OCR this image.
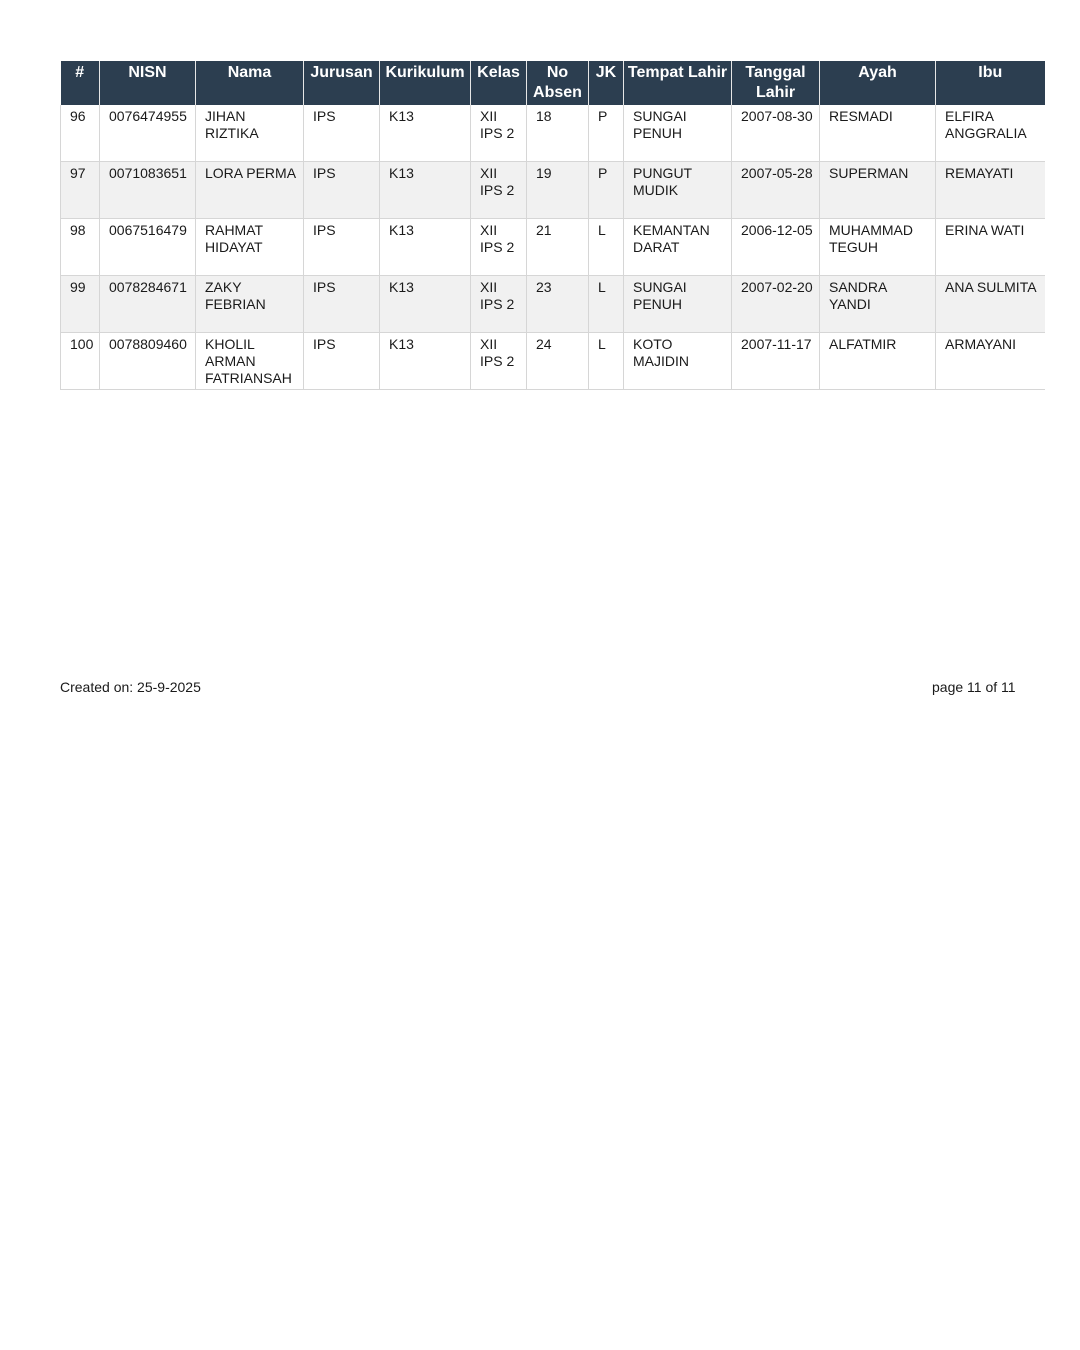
#	NISN	Nama	Jurusan	Kurikulum	Kelas	No Absen	JK	Tempat Lahir	Tanggal Lahir	Ayah	Ibu
96	0076474955	JIHAN RIZTIKA	IPS	K13	XII IPS 2	18	P	SUNGAI PENUH	2007-08-30	RESMADI	ELFIRA ANGGRALIA
97	0071083651	LORA PERMA	IPS	K13	XII IPS 2	19	P	PUNGUT MUDIK	2007-05-28	SUPERMAN	REMAYATI
98	0067516479	RAHMAT HIDAYAT	IPS	K13	XII IPS 2	21	L	KEMANTAN DARAT	2006-12-05	MUHAMMAD TEGUH	ERINA WATI
99	0078284671	ZAKY FEBRIAN	IPS	K13	XII IPS 2	23	L	SUNGAI PENUH	2007-02-20	SANDRA YANDI	ANA SULMITA
100	0078809460	KHOLIL ARMAN FATRIANSAH	IPS	K13	XII IPS 2	24	L	KOTO MAJIDIN	2007-11-17	ALFATMIR	ARMAYANI
Created on: 25-9-2025	page 11 of 11
